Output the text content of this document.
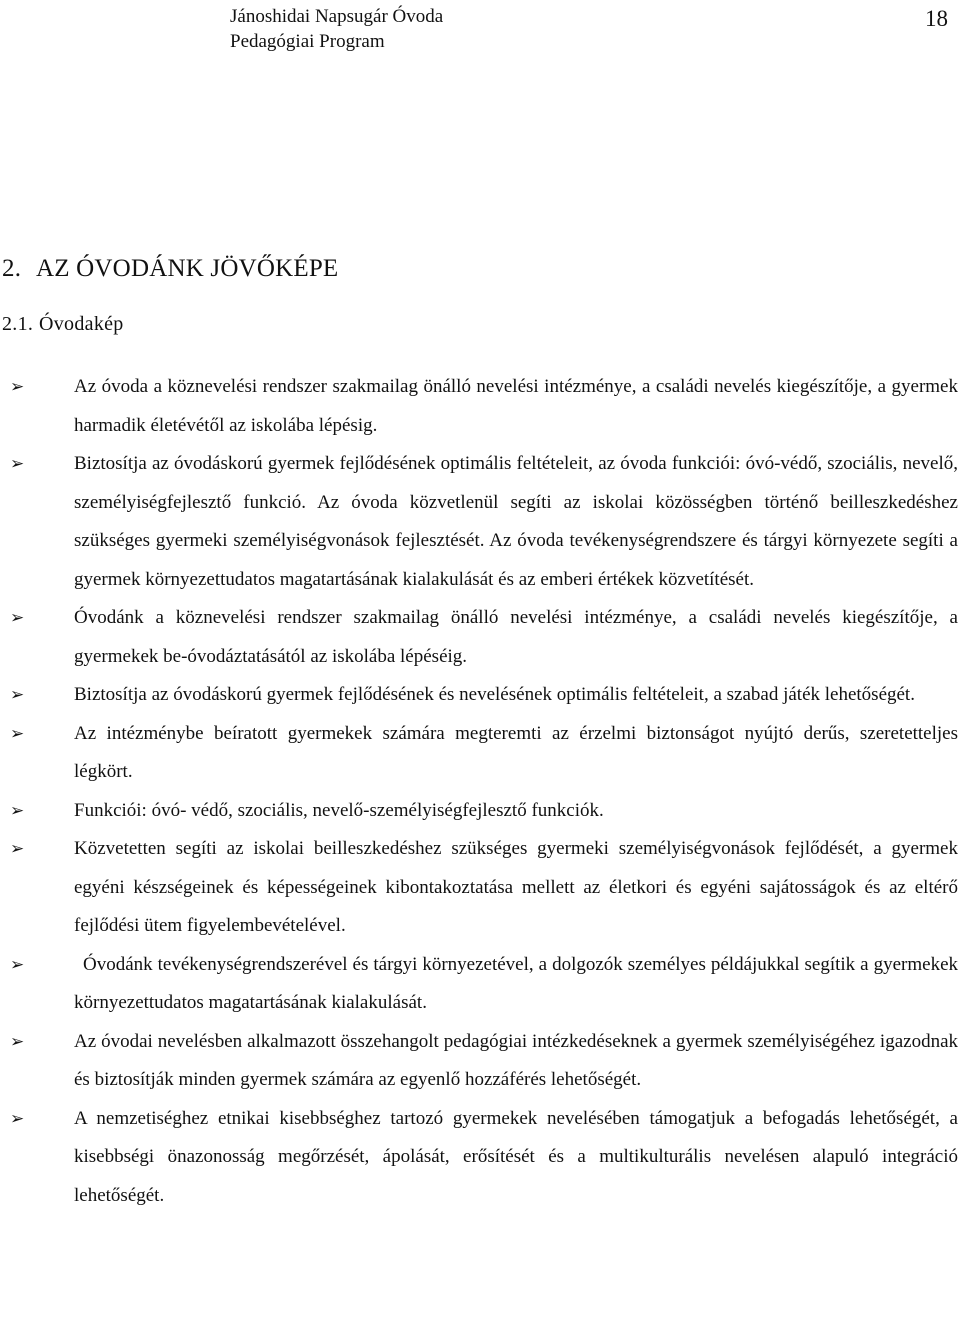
Jánoshidai Napsugár Óvoda
Pedagógiai Program
18
2. AZ ÓVODÁNK JÖVŐKÉPE
2.1. Óvodakép
➢	Az óvoda a köznevelési rendszer szakmailag önálló nevelési intézménye, a családi nevelés kiegészítője, a gyermek harmadik életévétől az iskolába lépésig.
➢	Biztosítja az óvodáskorú gyermek fejlődésének optimális feltételeit, az óvoda funkciói: óvó-védő, szociális, nevelő, személyiségfejlesztő funkció. Az óvoda közvetlenül segíti az iskolai közösségben történő beilleszkedéshez szükséges gyermeki személyiségvonások fejlesztését. Az óvoda tevékenységrendszere és tárgyi környezete segíti a gyermek környezettudatos magatartásának kialakulását és az emberi értékek közvetítését.
➢	Óvodánk a köznevelési rendszer szakmailag önálló nevelési intézménye, a családi nevelés kiegészítője, a gyermekek be-óvodáztatásától az iskolába lépéséig.
➢	Biztosítja az óvodáskorú gyermek fejlődésének és nevelésének optimális feltételeit, a szabad játék lehetőségét.
➢	Az intézménybe beíratott gyermekek számára megteremti az érzelmi biztonságot nyújtó derűs, szeretetteljes légkört.
➢	Funkciói: óvó- védő, szociális, nevelő-személyiségfejlesztő funkciók.
➢	Közvetetten segíti az iskolai beilleszkedéshez szükséges gyermeki személyiségvonások fejlődését, a gyermek egyéni készségeinek és képességeinek kibontakoztatása mellett az életkori és egyéni sajátosságok és az eltérő fejlődési ütem figyelembevételével.
➢	Óvodánk tevékenységrendszerével és tárgyi környezetével, a dolgozók személyes példájukkal segítik a gyermekek környezettudatos magatartásának kialakulását.
➢	Az óvodai nevelésben alkalmazott összehangolt pedagógiai intézkedéseknek a gyermek személyiségéhez igazodnak és biztosítják minden gyermek számára az egyenlő hozzáférés lehetőségét.
➢	A nemzetiséghez etnikai kisebbséghez tartozó gyermekek nevelésében támogatjuk a befogadás lehetőségét, a kisebbségi önazonosság megőrzését, ápolását, erősítését és a multikulturális nevelésen alapuló integráció lehetőségét.
